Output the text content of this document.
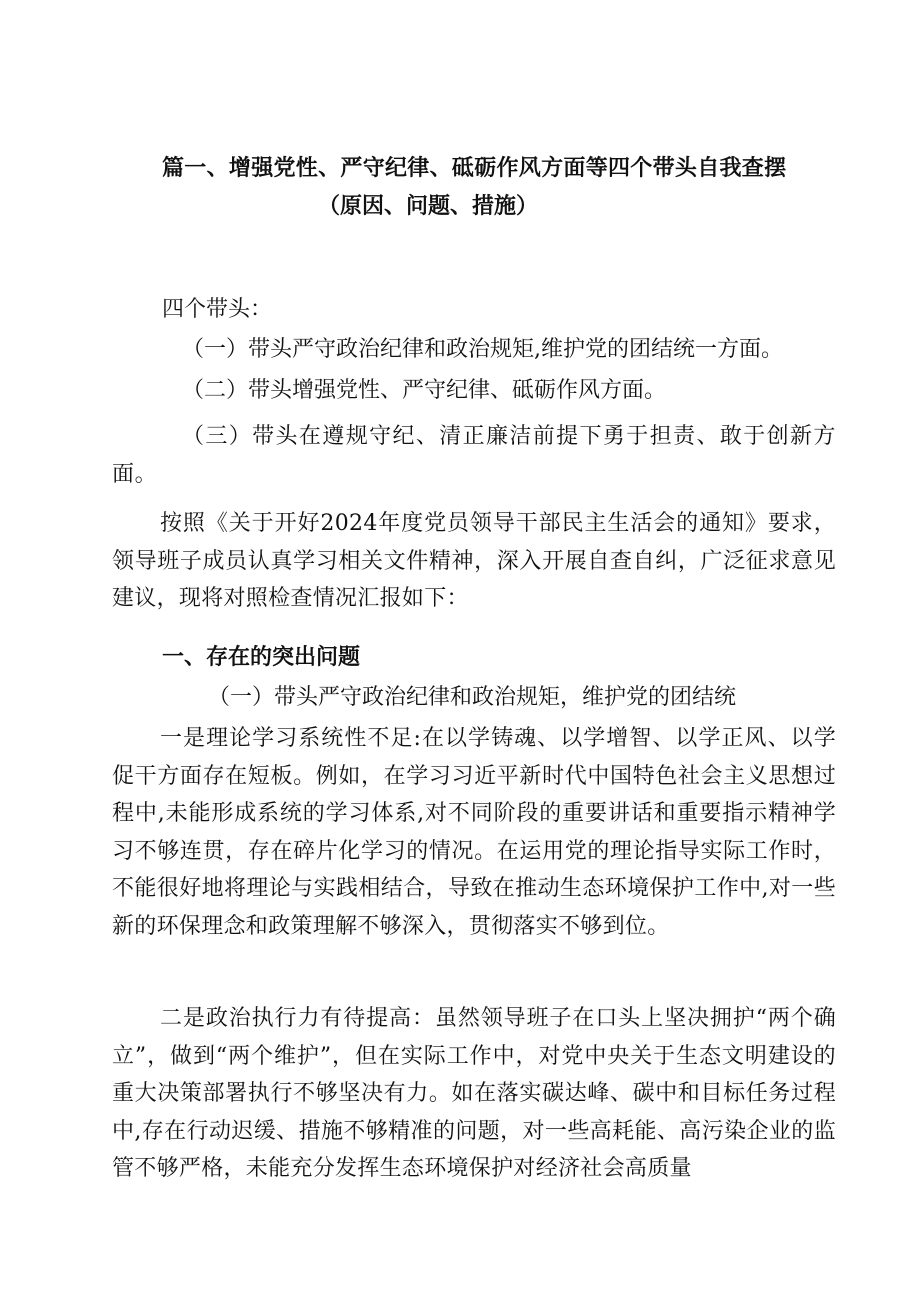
篇一、增强党性、严守纪律、砥砺作风方面等四个带头自我查摆
（原因、问题、措施）
四个带头：
（一）带头严守政治纪律和政治规矩,维护党的团结统一方面。
（二）带头增强党性、严守纪律、砥砺作风方面。
（三）带头在遵规守纪、清正廉洁前提下勇于担责、敢于创新方面。
按照《关于开好2024年度党员领导干部民主生活会的通知》要求，领导班子成员认真学习相关文件精神，深入开展自查自纠，广泛征求意见建议，现将对照检查情况汇报如下：
一、存在的突出问题
（一）带头严守政治纪律和政治规矩，维护党的团结统
一是理论学习系统性不足:在以学铸魂、以学增智、以学正风、以学促干方面存在短板。例如，在学习习近平新时代中国特色社会主义思想过程中,未能形成系统的学习体系,对不同阶段的重要讲话和重要指示精神学习不够连贯，存在碎片化学习的情况。在运用党的理论指导实际工作时，不能很好地将理论与实践相结合，导致在推动生态环境保护工作中,对一些新的环保理念和政策理解不够深入，贯彻落实不够到位。
二是政治执行力有待提高：虽然领导班子在口头上坚决拥护“两个确立”，做到“两个维护”，但在实际工作中，对党中央关于生态文明建设的重大决策部署执行不够坚决有力。如在落实碳达峰、碳中和目标任务过程中,存在行动迟缓、措施不够精准的问题，对一些高耗能、高污染企业的监管不够严格，未能充分发挥生态环境保护对经济社会高质量
